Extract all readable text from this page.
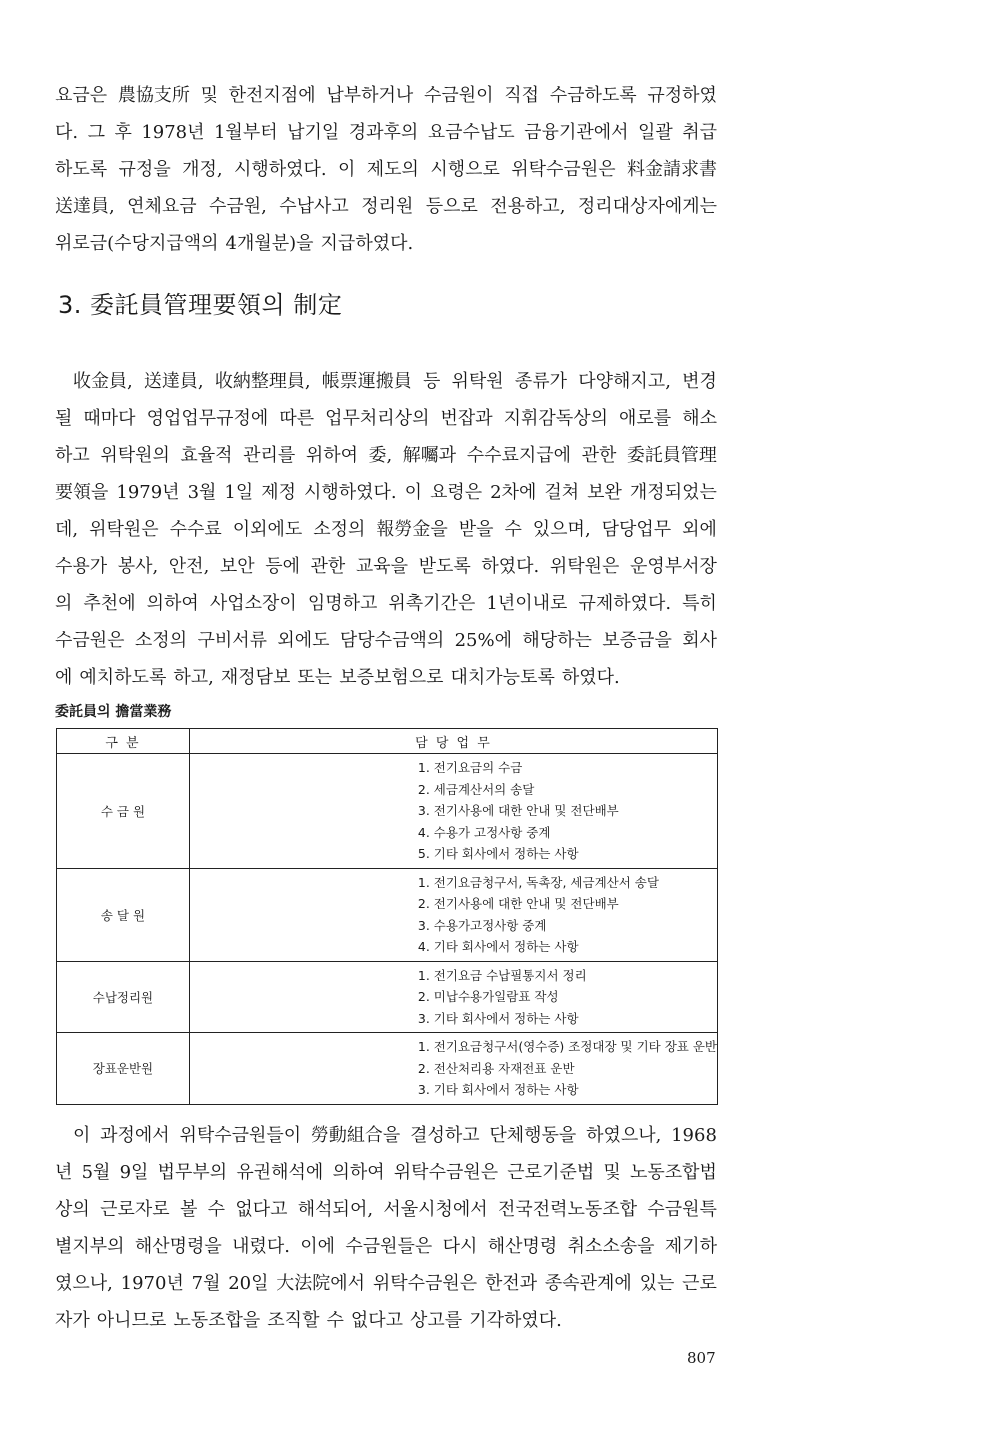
요금은 農協支所 및 한전지점에 납부하거나 수금원이 직접 수금하도록 규정하였
다. 그 후 1978년 1월부터 납기일 경과후의 요금수납도 금융기관에서 일괄 취급
하도록 규정을 개정, 시행하였다. 이 제도의 시행으로 위탁수금원은 料金請求書
送達員, 연체요금 수금원, 수납사고 정리원 등으로 전용하고, 정리대상자에게는
위로금(수당지급액의 4개월분)을 지급하였다.
3. 委託員管理要領의 制定
收金員, 送達員, 收納整理員, 帳票運搬員 등 위탁원 종류가 다양해지고, 변경
될 때마다 영업업무규정에 따른 업무처리상의 번잡과 지휘감독상의 애로를 해소
하고 위탁원의 효율적 관리를 위하여 委, 解囑과 수수료지급에 관한 委託員管理
要領을 1979년 3월 1일 제정 시행하였다. 이 요령은 2차에 걸쳐 보완 개정되었는
데, 위탁원은 수수료 이외에도 소정의 報勞金을 받을 수 있으며, 담당업무 외에
수용가 봉사, 안전, 보안 등에 관한 교육을 받도록 하였다. 위탁원은 운영부서장
의 추천에 의하여 사업소장이 임명하고 위촉기간은 1년이내로 규제하였다. 특히
수금원은 소정의 구비서류 외에도 담당수금액의 25%에 해당하는 보증금을 회사
에 예치하도록 하고, 재정담보 또는 보증보험으로 대치가능토록 하였다.
委託員의 擔當業務
구 분	담 당 업 무
수 금 원	1. 전기요금의 수금
2. 세금계산서의 송달
3. 전기사용에 대한 안내 및 전단배부
4. 수용가 고정사항 중계
5. 기타 회사에서 정하는 사항

송 달 원	1. 전기요금청구서, 독촉장, 세금계산서 송달
2. 전기사용에 대한 안내 및 전단배부
3. 수용가고정사항 중계
4. 기타 회사에서 정하는 사항

수납정리원	1. 전기요금 수납필통지서 정리
2. 미납수용가일람표 작성
3. 기타 회사에서 정하는 사항

장표운반원	1. 전기요금청구서(영수증) 조정대장 및 기타 장표 운반
2. 전산처리용 자재전표 운반
3. 기타 회사에서 정하는 사항
이 과정에서 위탁수금원들이 勞動組合을 결성하고 단체행동을 하였으나, 1968
년 5월 9일 법무부의 유권해석에 의하여 위탁수금원은 근로기준법 및 노동조합법
상의 근로자로 볼 수 없다고 해석되어, 서울시청에서 전국전력노동조합 수금원특
별지부의 해산명령을 내렸다. 이에 수금원들은 다시 해산명령 취소소송을 제기하
였으나, 1970년 7월 20일 大法院에서 위탁수금원은 한전과 종속관계에 있는 근로
자가 아니므로 노동조합을 조직할 수 없다고 상고를 기각하였다.
807
